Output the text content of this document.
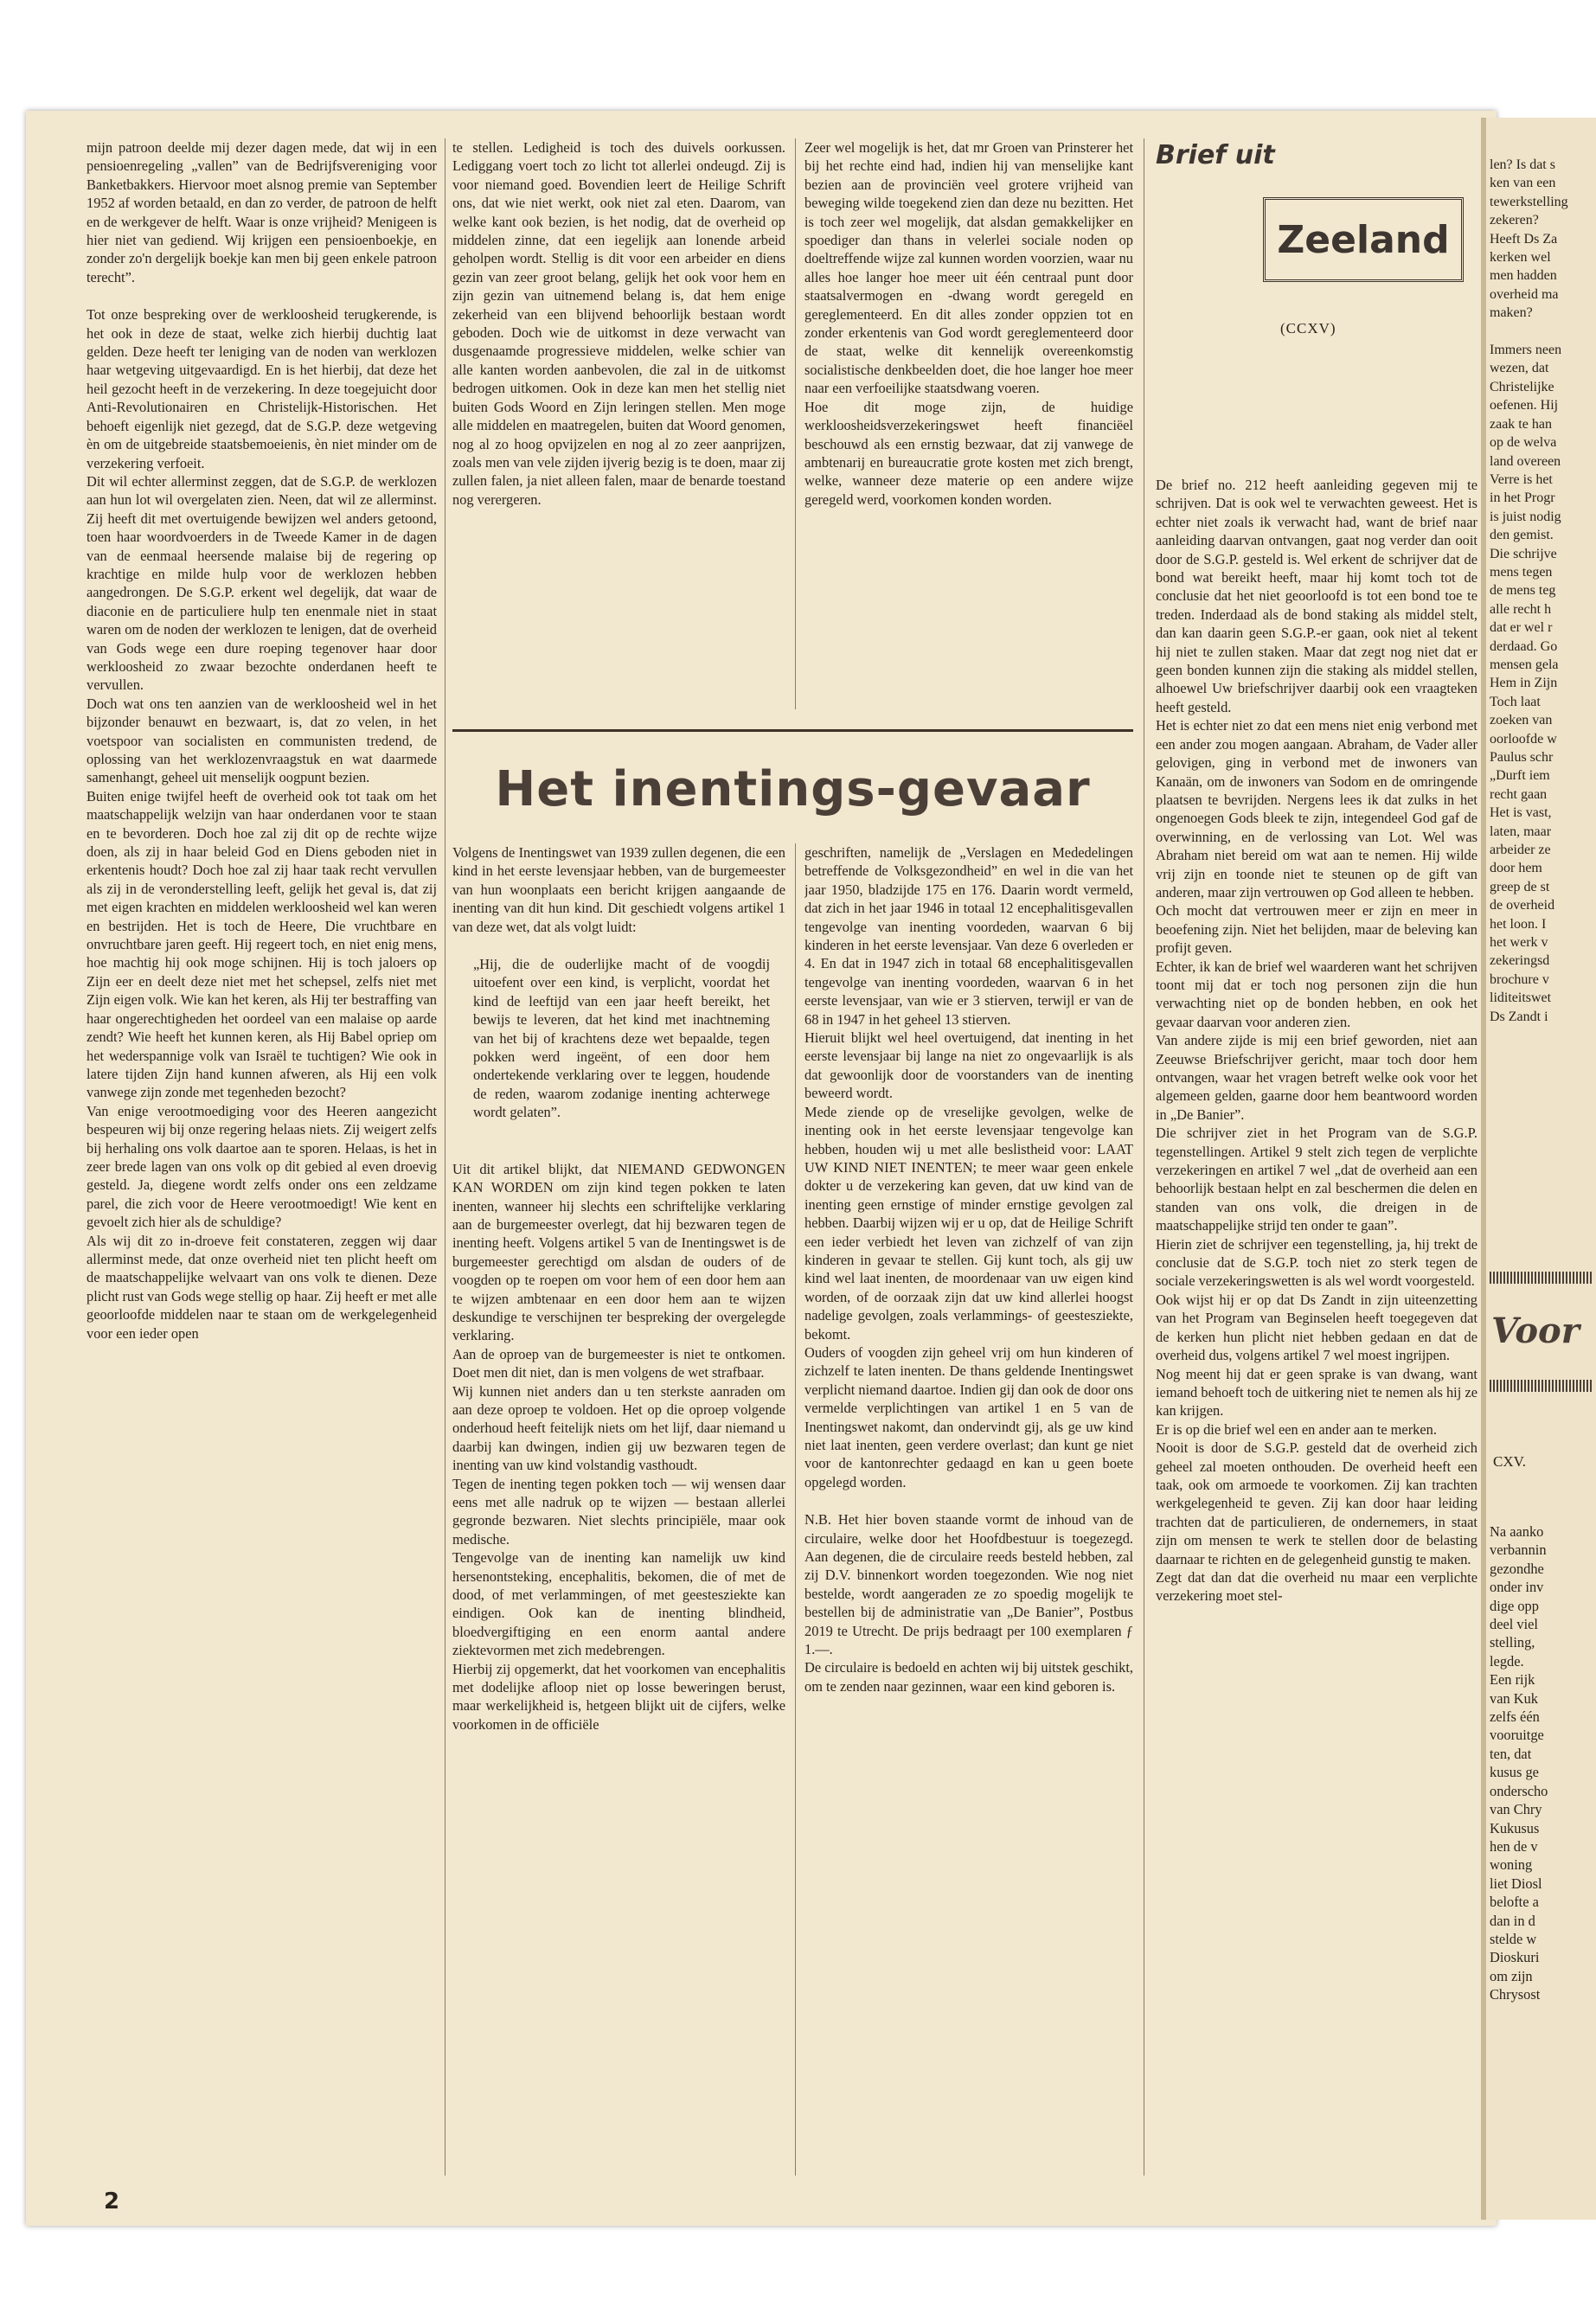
mijn patroon deelde mij dezer dagen mede, dat wij in een pensioenregeling „vallen” van de Bedrijfsvereniging voor Banketbakkers. Hiervoor moet alsnog premie van September 1952 af worden betaald, en dan zo verder, de patroon de helft en de werkgever de helft. Waar is onze vrijheid? Menigeen is hier niet van gediend. Wij krijgen een pensioenboekje, en zonder zo'n dergelijk boekje kan men bij geen enkele patroon terecht”.

Tot onze bespreking over de werkloosheid terugkerende, is het ook in deze de staat, welke zich hierbij duchtig laat gelden. Deze heeft ter leniging van de noden van werklozen haar wetgeving uitgevaardigd. En is het hierbij, dat deze het heil gezocht heeft in de verzekering. In deze toegejuicht door Anti-Revolutionairen en Christelijk-Historischen. Het behoeft eigenlijk niet gezegd, dat de S.G.P. deze wetgeving èn om de uitgebreide staatsbemoeienis, èn niet minder om de verzekering verfoeit.

Dit wil echter allerminst zeggen, dat de S.G.P. de werklozen aan hun lot wil overgelaten zien. Neen, dat wil ze allerminst. Zij heeft dit met overtuigende bewijzen wel anders getoond, toen haar woordvoerders in de Tweede Kamer in de dagen van de eenmaal heersende malaise bij de regering op krachtige en milde hulp voor de werklozen hebben aangedrongen. De S.G.P. erkent wel degelijk, dat waar de diaconie en de particuliere hulp ten enenmale niet in staat waren om de noden der werklozen te lenigen, dat de overheid van Gods wege een dure roeping tegenover haar door werkloosheid zo zwaar bezochte onderdanen heeft te vervullen.

Doch wat ons ten aanzien van de werkloosheid wel in het bijzonder benauwt en bezwaart, is, dat zo velen, in het voetspoor van socialisten en communisten tredend, de oplossing van het werklozenvraagstuk en wat daarmede samenhangt, geheel uit menselijk oogpunt bezien.

Buiten enige twijfel heeft de overheid ook tot taak om het maatschappelijk welzijn van haar onderdanen voor te staan en te bevorderen. Doch hoe zal zij dit op de rechte wijze doen, als zij in haar beleid God en Diens geboden niet in erkentenis houdt? Doch hoe zal zij haar taak recht vervullen als zij in de veronderstelling leeft, gelijk het geval is, dat zij met eigen krachten en middelen werkloosheid wel kan weren en bestrijden. Het is toch de Heere, Die vruchtbare en onvruchtbare jaren geeft. Hij regeert toch, en niet enig mens, hoe machtig hij ook moge schijnen. Hij is toch jaloers op Zijn eer en deelt deze niet met het schepsel, zelfs niet met Zijn eigen volk. Wie kan het keren, als Hij ter bestraffing van haar ongerechtigheden het oordeel van een malaise op aarde zendt? Wie heeft het kunnen keren, als Hij Babel opriep om het wederspannige volk van Israël te tuchtigen? Wie ook in latere tijden Zijn hand kunnen afweren, als Hij een volk vanwege zijn zonde met tegenheden bezocht?

Van enige verootmoediging voor des Heeren aangezicht bespeuren wij bij onze regering helaas niets. Zij weigert zelfs bij herhaling ons volk daartoe aan te sporen. Helaas, is het in zeer brede lagen van ons volk op dit gebied al even droevig gesteld. Ja, diegene wordt zelfs onder ons een zeldzame parel, die zich voor de Heere verootmoedigt! Wie kent en gevoelt zich hier als de schuldige?

Als wij dit zo in-droeve feit constateren, zeggen wij daar allerminst mede, dat onze overheid niet ten plicht heeft om de maatschappelijke welvaart van ons volk te dienen. Deze plicht rust van Gods wege stellig op haar. Zij heeft er met alle geoorloofde middelen naar te staan om de werkgelegenheid voor een ieder open

te stellen. Ledigheid is toch des duivels oorkussen. Lediggang voert toch zo licht tot allerlei ondeugd. Zij is voor niemand goed. Bovendien leert de Heilige Schrift ons, dat wie niet werkt, ook niet zal eten. Daarom, van welke kant ook bezien, is het nodig, dat de overheid op middelen zinne, dat een iegelijk aan lonende arbeid geholpen wordt. Stellig is dit voor een arbeider en diens gezin van zeer groot belang, gelijk het ook voor hem en zijn gezin van uitnemend belang is, dat hem enige zekerheid van een blijvend behoorlijk bestaan wordt geboden. Doch wie de uitkomst in deze verwacht van dusgenaamde progressieve middelen, welke schier van alle kanten worden aanbevolen, die zal in de uitkomst bedrogen uitkomen. Ook in deze kan men het stellig niet buiten Gods Woord en Zijn leringen stellen. Men moge alle middelen en maatregelen, buiten dat Woord genomen, nog al zo hoog opvijzelen en nog al zo zeer aanprijzen, zoals men van vele zijden ijverig bezig is te doen, maar zij zullen falen, ja niet alleen falen, maar de benarde toestand nog verergeren.

Zeer wel mogelijk is het, dat mr Groen van Prinsterer het bij het rechte eind had, indien hij van menselijke kant bezien aan de provinciën veel grotere vrijheid van beweging wilde toegekend zien dan deze nu bezitten. Het is toch zeer wel mogelijk, dat alsdan gemakkelijker en spoediger dan thans in velerlei sociale noden op doeltreffende wijze zal kunnen worden voorzien, waar nu alles hoe langer hoe meer uit één centraal punt door staatsalvermogen en -dwang wordt geregeld en gereglementeerd. En dit alles zonder oppzien tot en zonder erkentenis van God wordt gereglementeerd door de staat, welke dit kennelijk overeenkomstig socialistische denkbeelden doet, die hoe langer hoe meer naar een verfoeilijke staatsdwang voeren.

Hoe dit moge zijn, de huidige werkloosheidsverzekeringswet heeft financiëel beschouwd als een ernstig bezwaar, dat zij vanwege de ambtenarij en bureaucratie grote kosten met zich brengt, welke, wanneer deze materie op een andere wijze geregeld werd, voorkomen konden worden.

Het inentings-gevaar

Volgens de Inentingswet van 1939 zullen degenen, die een kind in het eerste levensjaar hebben, van de burgemeester van hun woonplaats een bericht krijgen aangaande de inenting van dit hun kind. Dit geschiedt volgens artikel 1 van deze wet, dat als volgt luidt:

„Hij, die de ouderlijke macht of de voogdij uitoefent over een kind, is verplicht, voordat het kind de leeftijd van een jaar heeft bereikt, het bewijs te leveren, dat het kind met inachtneming van het bij of krachtens deze wet bepaalde, tegen pokken werd ingeënt, of een door hem ondertekende verklaring over te leggen, houdende de reden, waarom zodanige inenting achterwege wordt gelaten”.

Uit dit artikel blijkt, dat NIEMAND GEDWONGEN KAN WORDEN om zijn kind tegen pokken te laten inenten, wanneer hij slechts een schriftelijke verklaring aan de burgemeester overlegt, dat hij bezwaren tegen de inenting heeft. Volgens artikel 5 van de Inentingswet is de burgemeester gerechtigd om alsdan de ouders of de voogden op te roepen om voor hem of een door hem aan te wijzen ambtenaar en een door hem aan te wijzen deskundige te verschijnen ter bespreking der overgelegde verklaring.

Aan de oproep van de burgemeester is niet te ontkomen. Doet men dit niet, dan is men volgens de wet strafbaar.

Wij kunnen niet anders dan u ten sterkste aanraden om aan deze oproep te voldoen. Het op die oproep volgende onderhoud heeft feitelijk niets om het lijf, daar niemand u daarbij kan dwingen, indien gij uw bezwaren tegen de inenting van uw kind volstandig vasthoudt.

Tegen de inenting tegen pokken toch — wij wensen daar eens met alle nadruk op te wijzen — bestaan allerlei gegronde bezwaren. Niet slechts principiële, maar ook medische.

Tengevolge van de inenting kan namelijk uw kind hersenontsteking, encephalitis, bekomen, die of met de dood, of met verlammingen, of met geestesziekte kan eindigen. Ook kan de inenting blindheid, bloedvergiftiging en een enorm aantal andere ziektevormen met zich medebrengen.

Hierbij zij opgemerkt, dat het voorkomen van encephalitis met dodelijke afloop niet op losse beweringen berust, maar werkelijkheid is, hetgeen blijkt uit de cijfers, welke voorkomen in de officiële

geschriften, namelijk de „Verslagen en Mededelingen betreffende de Volksgezondheid” en wel in die van het jaar 1950, bladzijde 175 en 176. Daarin wordt vermeld, dat zich in het jaar 1946 in totaal 12 encephalitisgevallen tengevolge van inenting voordeden, waarvan 6 bij kinderen in het eerste levensjaar. Van deze 6 overleden er 4. En dat in 1947 zich in totaal 68 encephalitisgevallen tengevolge van inenting voordeden, waarvan 6 in het eerste levensjaar, van wie er 3 stierven, terwijl er van de 68 in 1947 in het geheel 13 stierven.

Hieruit blijkt wel heel overtuigend, dat inenting in het eerste levensjaar bij lange na niet zo ongevaarlijk is als dat gewoonlijk door de voorstanders van de inenting beweerd wordt.

Mede ziende op de vreselijke gevolgen, welke de inenting ook in het eerste levensjaar tengevolge kan hebben, houden wij u met alle beslistheid voor: LAAT UW KIND NIET INENTEN; te meer waar geen enkele dokter u de verzekering kan geven, dat uw kind van de inenting geen ernstige of minder ernstige gevolgen zal hebben. Daarbij wijzen wij er u op, dat de Heilige Schrift een ieder verbiedt het leven van zichzelf of van zijn kinderen in gevaar te stellen. Gij kunt toch, als gij uw kind wel laat inenten, de moordenaar van uw eigen kind worden, of de oorzaak zijn dat uw kind allerlei hoogst nadelige gevolgen, zoals verlammings- of geestesziekte, bekomt.

Ouders of voogden zijn geheel vrij om hun kinderen of zichzelf te laten inenten. De thans geldende Inentingswet verplicht niemand daartoe. Indien gij dan ook de door ons vermelde verplichtingen van artikel 1 en 5 van de Inentingswet nakomt, dan ondervindt gij, als ge uw kind niet laat inenten, geen verdere overlast; dan kunt ge niet voor de kantonrechter gedaagd en kan u geen boete opgelegd worden.

N.B. Het hier boven staande vormt de inhoud van de circulaire, welke door het Hoofdbestuur is toegezegd. Aan degenen, die de circulaire reeds besteld hebben, zal zij D.V. binnenkort worden toegezonden. Wie nog niet bestelde, wordt aangeraden ze zo spoedig mogelijk te bestellen bij de administratie van „De Banier”, Postbus 2019 te Utrecht. De prijs bedraagt per 100 exemplaren ƒ 1.—.

De circulaire is bedoeld en achten wij bij uitstek geschikt, om te zenden naar gezinnen, waar een kind geboren is.

Brief uit
Zeeland
(CCXV)

De brief no. 212 heeft aanleiding gegeven mij te schrijven. Dat is ook wel te verwachten geweest. Het is echter niet zoals ik verwacht had, want de brief naar aanleiding daarvan ontvangen, gaat nog verder dan ooit door de S.G.P. gesteld is. Wel erkent de schrijver dat de bond wat bereikt heeft, maar hij komt toch tot de conclusie dat het niet geoorloofd is tot een bond toe te treden. Inderdaad als de bond staking als middel stelt, dan kan daarin geen S.G.P.-er gaan, ook niet al tekent hij niet te zullen staken. Maar dat zegt nog niet dat er geen bonden kunnen zijn die staking als middel stellen, alhoewel Uw briefschrijver daarbij ook een vraagteken heeft gesteld.

Het is echter niet zo dat een mens niet enig verbond met een ander zou mogen aangaan. Abraham, de Vader aller gelovigen, ging in verbond met de inwoners van Kanaän, om de inwoners van Sodom en de omringende plaatsen te bevrijden. Nergens lees ik dat zulks in het ongenoegen Gods bleek te zijn, integendeel God gaf de overwinning, en de verlossing van Lot. Wel was Abraham niet bereid om wat aan te nemen. Hij wilde vrij zijn en toonde niet te steunen op de gift van anderen, maar zijn vertrouwen op God alleen te hebben.

Och mocht dat vertrouwen meer er zijn en meer in beoefening zijn. Niet het belijden, maar de beleving kan profijt geven.

Echter, ik kan de brief wel waarderen want het schrijven toont mij dat er toch nog personen zijn die hun verwachting niet op de bonden hebben, en ook het gevaar daarvan voor anderen zien.

Van andere zijde is mij een brief geworden, niet aan Zeeuwse Briefschrijver gericht, maar toch door hem ontvangen, waar het vragen betreft welke ook voor het algemeen gelden, gaarne door hem beantwoord worden in „De Banier”.

Die schrijver ziet in het Program van de S.G.P. tegenstellingen. Artikel 9 stelt zich tegen de verplichte verzekeringen en artikel 7 wel „dat de overheid aan een behoorlijk bestaan helpt en zal beschermen die delen en standen van ons volk, die dreigen in de maatschappelijke strijd ten onder te gaan”.

Hierin ziet de schrijver een tegenstelling, ja, hij trekt de conclusie dat de S.G.P. toch niet zo sterk tegen de sociale verzekeringswetten is als wel wordt voorgesteld.

Ook wijst hij er op dat Ds Zandt in zijn uiteenzetting van het Program van Beginselen heeft toegegeven dat de kerken hun plicht niet hebben gedaan en dat de overheid dus, volgens artikel 7 wel moest ingrijpen.

Nog meent hij dat er geen sprake is van dwang, want iemand behoeft toch de uitkering niet te nemen als hij ze kan krijgen.

Er is op die brief wel een en ander aan te merken.

Nooit is door de S.G.P. gesteld dat de overheid zich geheel zal moeten onthouden. De overheid heeft een taak, ook om armoede te voorkomen. Zij kan trachten werkgelegenheid te geven. Zij kan door haar leiding trachten dat de particulieren, de ondernemers, in staat zijn om mensen te werk te stellen door de belasting daarnaar te richten en de gelegenheid gunstig te maken.

Zegt dat dan dat die overheid nu maar een verplichte verzekering moet stel-

2
len? Is dat s
ken van een
tewerkstelling
zekeren?
Heeft Ds Za
kerken wel
men hadden
overheid ma
maken?

Immers neen
wezen, dat
Christelijke
oefenen. Hij
zaak te han
op de welva
land overeen
Verre is het
in het Progr
is juist nodig
den gemist.
Die schrijve
mens tegen
de mens teg
alle recht h
dat er wel r
derdaad. Go
mensen gela
Hem in Zijn
Toch laat
zoeken van
oorloofde w
Paulus schr
„Durft iem
recht gaan
Het is vast,
laten, maar
arbeider ze
door hem
greep de st
de overheid
het loon. I
het werk v
zekeringsd
brochure v
liditeitswet
Ds Zandt i
Voor
CXV.
Na aanko
verbannin
gezondhe
onder inv
dige opp
deel viel
stelling,
legde.
Een rijk
van Kuk
zelfs één
vooruitge
ten, dat
kusus ge
onderscho
van Chry
Kukusus
hen de v
woning
liet Diosl
belofte a
dan in d
stelde w
Dioskuri
om zijn
Chrysost
